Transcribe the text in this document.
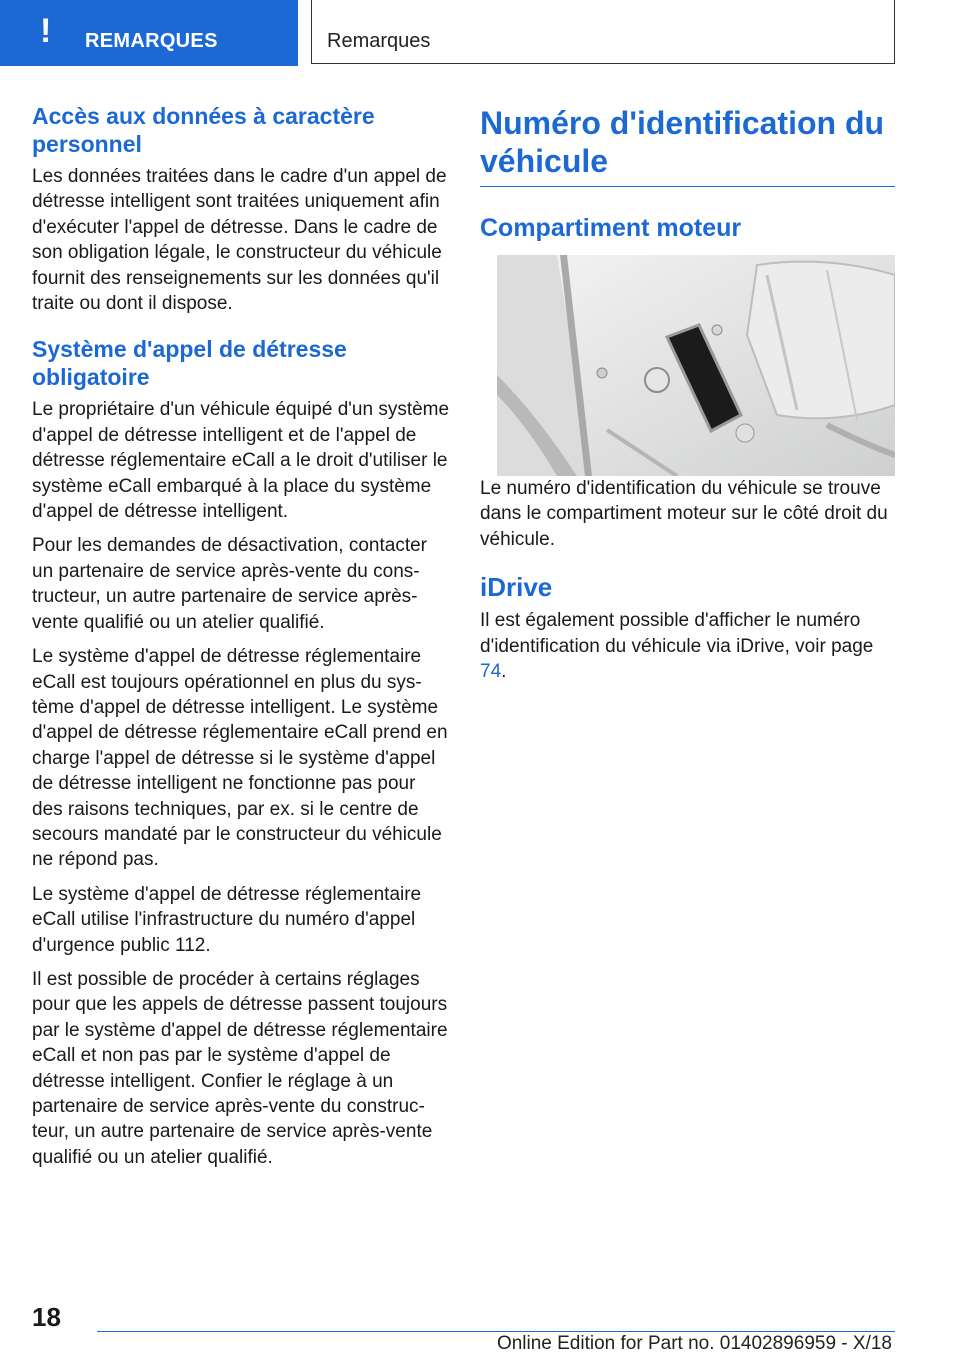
! REMARQUES	Remarques
Accès aux données à caractère personnel

Les données traitées dans le cadre d'un appel de détresse intelligent sont traitées uniquement afin d'exécuter l'appel de détresse. Dans le cadre de son obligation légale, le constructeur du véhicule fournit des renseignements sur les données qu'il traite ou dont il dispose.

Système d'appel de détresse obligatoire

Le propriétaire d'un véhicule équipé d'un système d'appel de détresse intelligent et de l'appel de détresse réglementaire eCall a le droit d'utiliser le système eCall embarqué à la place du système d'appel de détresse intelligent.

Pour les demandes de désactivation, contacter un partenaire de service après-vente du constructeur, un autre partenaire de service après-vente qualifié ou un atelier qualifié.

Le système d'appel de détresse réglementaire eCall est toujours opérationnel en plus du système d'appel de détresse intelligent. Le système d'appel de détresse réglementaire eCall prend en charge l'appel de détresse si le système d'appel de détresse intelligent ne fonctionne pas pour des raisons techniques, par ex. si le centre de secours mandaté par le constructeur du véhicule ne répond pas.

Le système d'appel de détresse réglementaire eCall utilise l'infrastructure du numéro d'appel d'urgence public 112.

Il est possible de procéder à certains réglages pour que les appels de détresse passent toujours par le système d'appel de détresse réglementaire eCall et non pas par le système d'appel de détresse intelligent. Confier le réglage à un partenaire de service après-vente du constructeur, un autre partenaire de service après-vente qualifié ou un atelier qualifié.

Numéro d'identification du véhicule
Compartiment moteur

Le numéro d'identification du véhicule se trouve dans le compartiment moteur sur le côté droit du véhicule.

iDrive

Il est également possible d'afficher le numéro d'identification du véhicule via iDrive, voir page 74.

18
Online Edition for Part no. 01402896959 - X/18
